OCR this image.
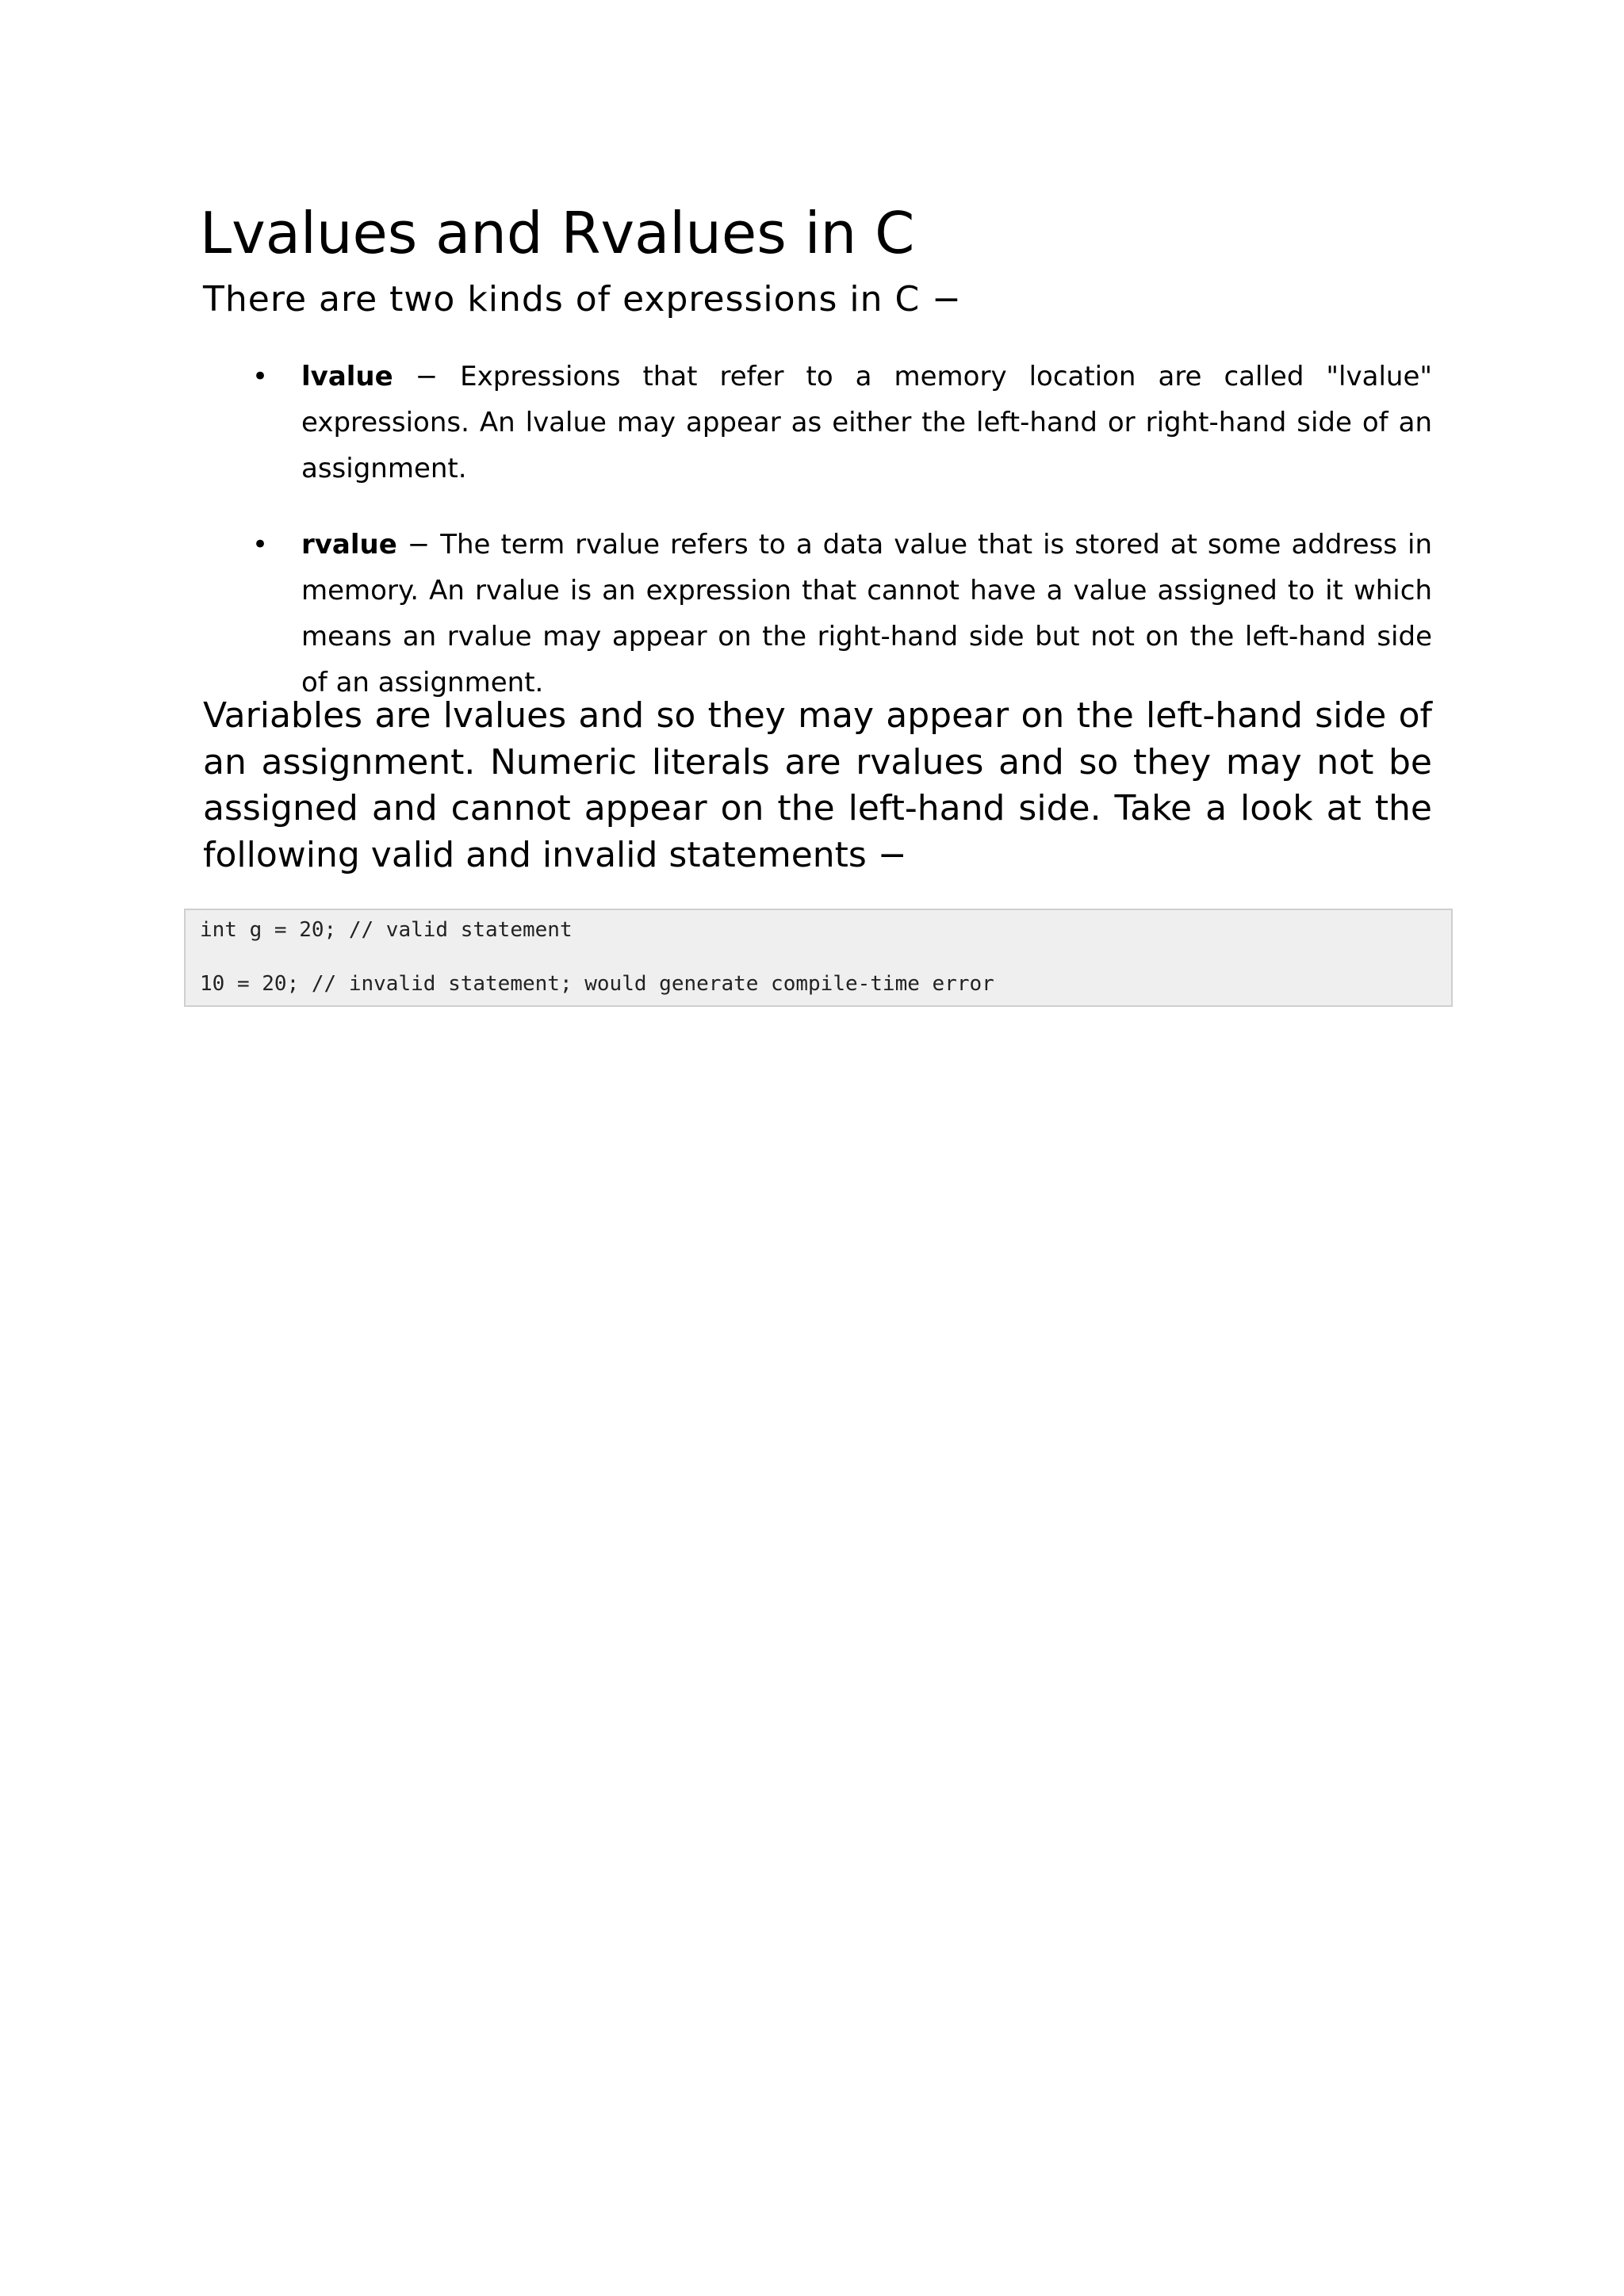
Lvalues and Rvalues in C

There are two kinds of expressions in C −

• lvalue − Expressions that refer to a memory location are called "lvalue" expressions. An lvalue may appear as either the left-hand or right-hand side of an assignment.
• rvalue − The term rvalue refers to a data value that is stored at some address in memory. An rvalue is an expression that cannot have a value assigned to it which means an rvalue may appear on the right-hand side but not on the left-hand side of an assignment.

Variables are lvalues and so they may appear on the left-hand side of an assignment. Numeric literals are rvalues and so they may not be assigned and cannot appear on the left-hand side. Take a look at the following valid and invalid statements −

int g = 20; // valid statement
10 = 20; // invalid statement; would generate compile-time error
